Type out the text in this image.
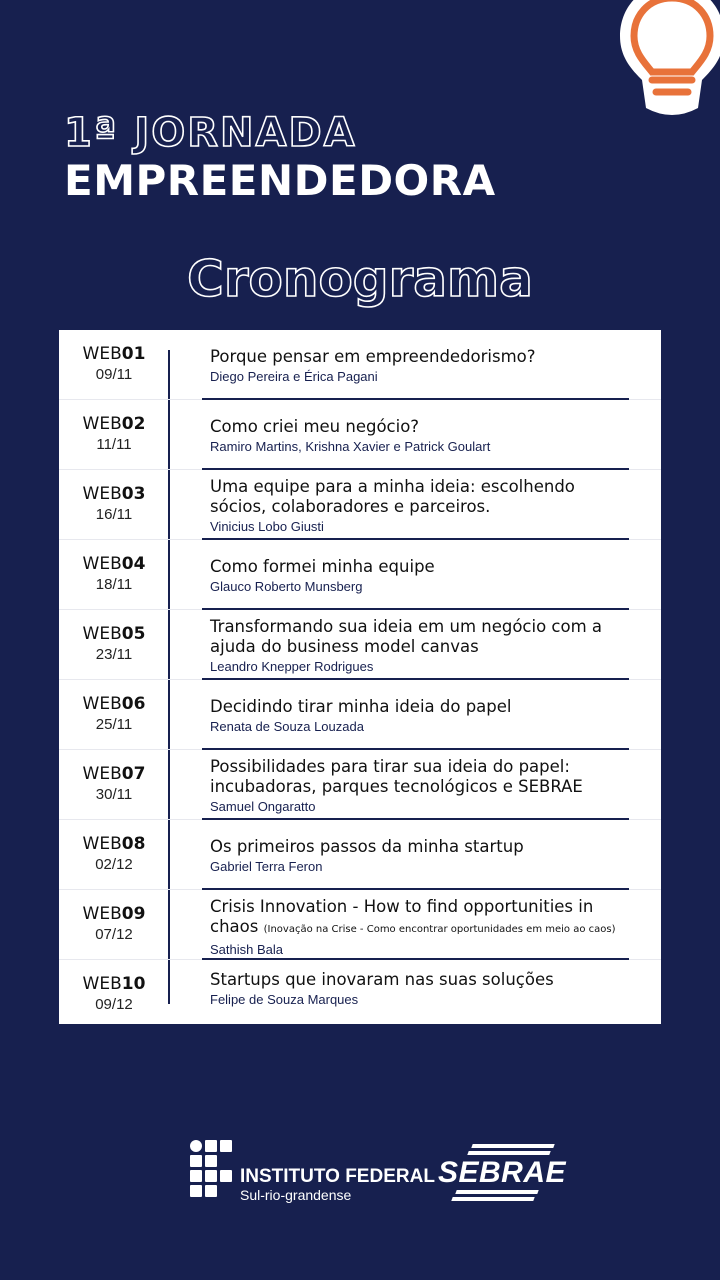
1ª JORNADA
EMPREENDEDORA
Cronograma
WEB01
09/11
Porque pensar em empreendedorismo?
Diego Pereira e Érica Pagani
WEB02
11/11
Como criei meu negócio?
Ramiro Martins, Krishna Xavier e Patrick Goulart
WEB03
16/11
Uma equipe para a minha ideia: escolhendo sócios, colaboradores e parceiros.
Vinicius Lobo Giusti
WEB04
18/11
Como formei minha equipe
Glauco Roberto Munsberg
WEB05
23/11
Transformando sua ideia em um negócio com a ajuda do business model canvas
Leandro Knepper Rodrigues
WEB06
25/11
Decidindo tirar minha ideia do papel
Renata de Souza Louzada
WEB07
30/11
Possibilidades para tirar sua ideia do papel: incubadoras, parques tecnológicos e SEBRAE
Samuel Ongaratto
WEB08
02/12
Os primeiros passos da minha startup
Gabriel Terra Feron
WEB09
07/12
Crisis Innovation - How to find opportunities in chaos (Inovação na Crise - Como encontrar oportunidades em meio ao caos)
Sathish Bala
WEB10
09/12
Startups que inovaram nas suas soluções
Felipe de Souza Marques
INSTITUTO FEDERAL
Sul-rio-grandense
SEBRAE
